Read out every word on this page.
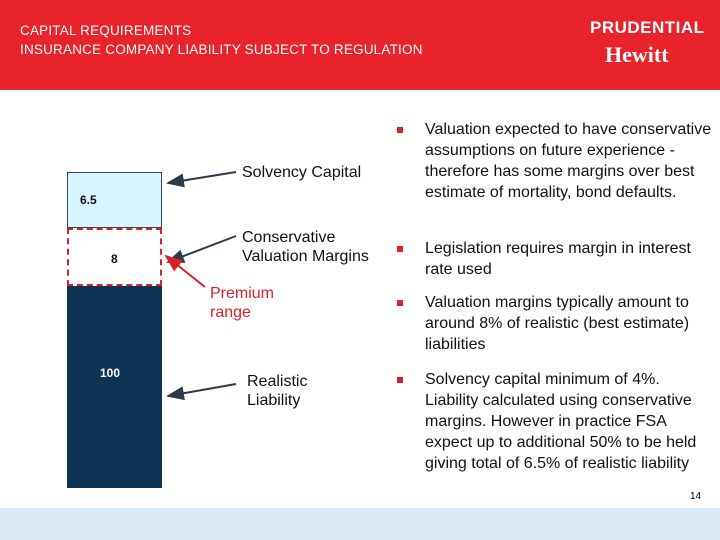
CAPITAL REQUIREMENTS
INSURANCE COMPANY LIABILITY SUBJECT TO REGULATION
PRUDENTIAL
Hewitt
6.5
8
100
Solvency Capital
Conservative
Valuation Margins
Premium
range
Realistic
Liability
Valuation expected to have conservative assumptions on future experience - therefore has some margins over best estimate of mortality, bond defaults.
Legislation requires margin in interest rate used
Valuation margins typically amount to around 8% of realistic (best estimate) liabilities
Solvency capital minimum of 4%. Liability calculated using conservative margins. However in practice FSA expect up to additional 50% to be held giving total of 6.5% of realistic liability
14
